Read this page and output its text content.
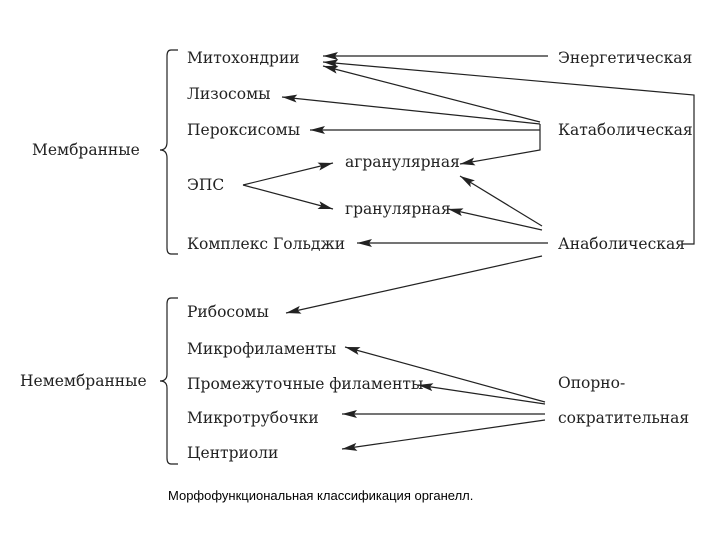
Мембранные
Немембранные
Митохондрии
Лизосомы
Пероксисомы
ЭПС
агранулярная
гранулярная
Комплекс Гольджи
Рибосомы
Микрофиламенты
Промежуточные филаменты
Микротрубочки
Центриоли
Энергетическая
Катаболическая
Анаболическая
Опорно-
сократительная
Морфофункциональная классификация органелл.
